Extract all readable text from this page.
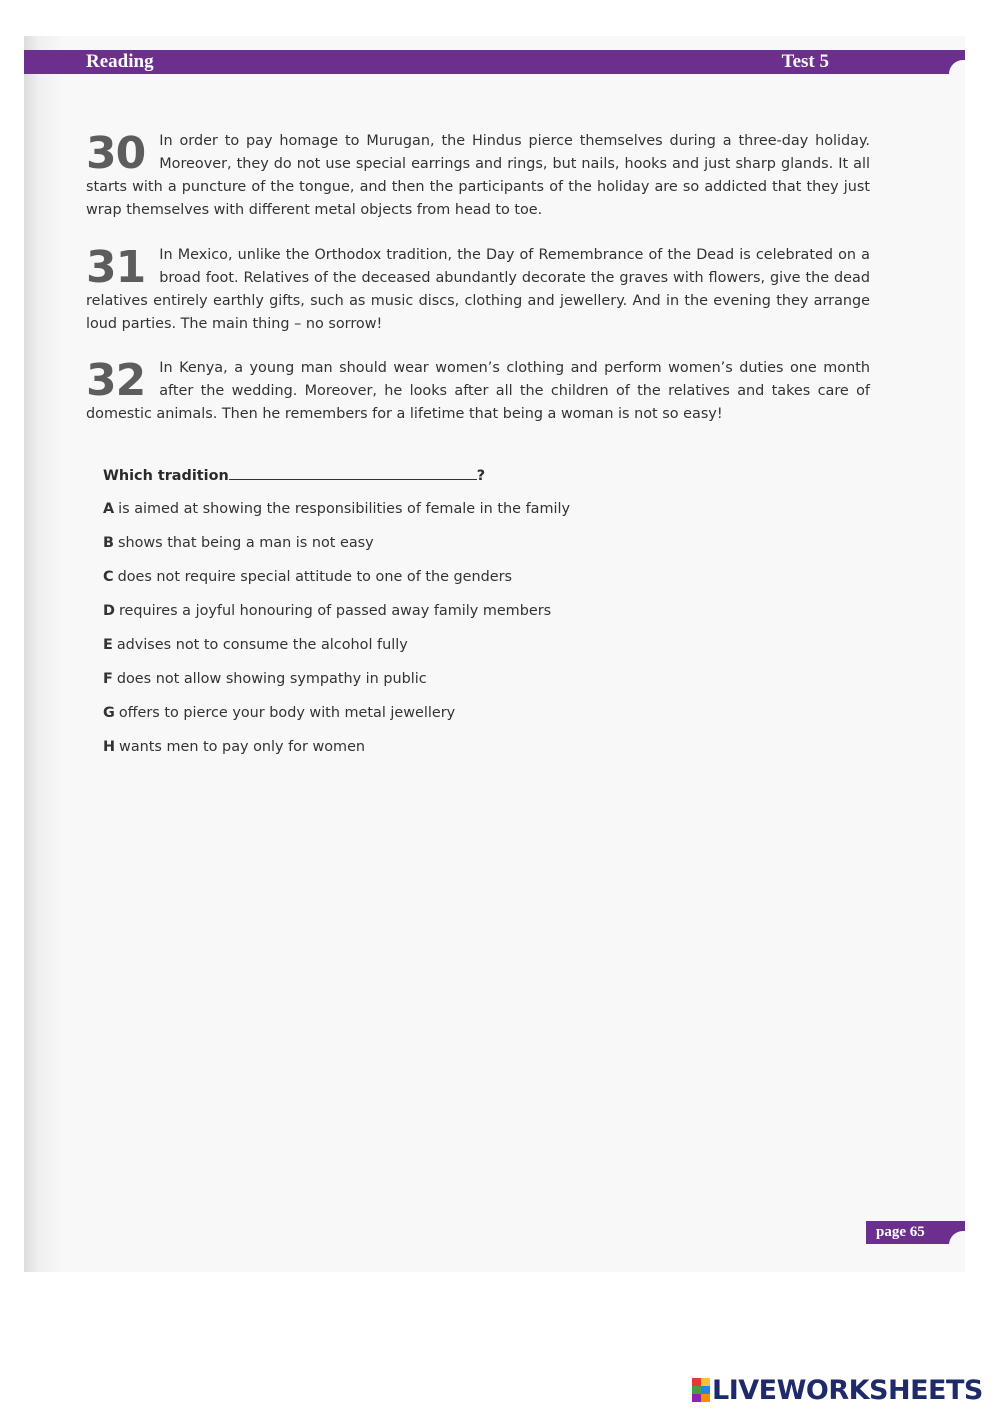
Reading	Test 5

30 In order to pay homage to Murugan, the Hindus pierce themselves during a three-day holiday. Moreover, they do not use special earrings and rings, but nails, hooks and just sharp glands. It all starts with a puncture of the tongue, and then the participants of the holiday are so addicted that they just wrap themselves with different metal objects from head to toe.

31 In Mexico, unlike the Orthodox tradition, the Day of Remembrance of the Dead is celebrated on a broad foot. Relatives of the deceased abundantly decorate the graves with flowers, give the dead relatives entirely earthly gifts, such as music discs, clothing and jewellery. And in the evening they arrange loud parties. The main thing – no sorrow!

32 In Kenya, a young man should wear women’s clothing and perform women’s duties one month after the wedding. Moreover, he looks after all the children of the relatives and takes care of domestic animals. Then he remembers for a lifetime that being a woman is not so easy!

Which tradition	?
A is aimed at showing the responsibilities of female in the family
B shows that being a man is not easy
C does not require special attitude to one of the genders
D requires a joyful honouring of passed away family members
E advises not to consume the alcohol fully
F does not allow showing sympathy in public
G offers to pierce your body with metal jewellery
H wants men to pay only for women
page 65
LIVEWORKSHEETS
